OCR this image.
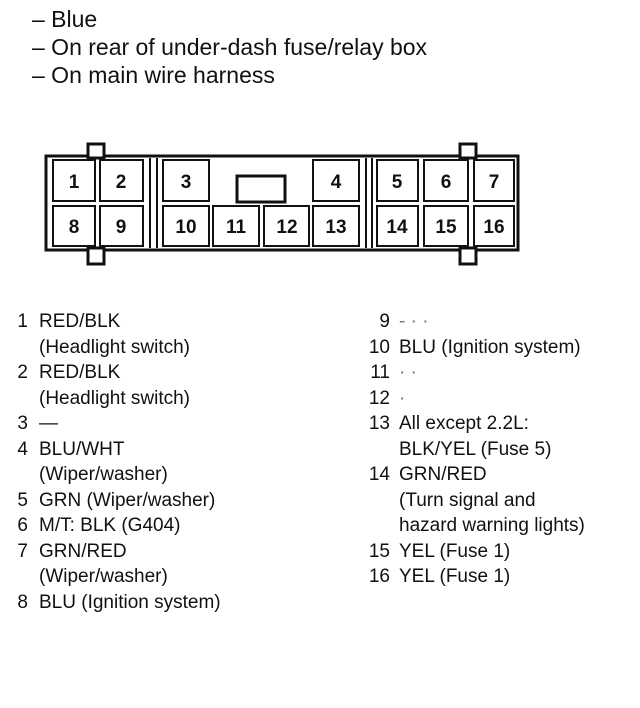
– Blue
– On rear of under-dash fuse/relay box
– On main wire harness
1 2	3	4	5 6 7
8 9	10 11 12 13 14 15 16
1 RED/BLK
(Headlight switch)
2 RED/BLK
(Headlight switch)
3 —
4 BLU/WHT
(Wiper/washer)
5 GRN (Wiper/washer)
6 M/T: BLK (G404)
7 GRN/RED
(Wiper/washer)
8 BLU (Ignition system)
9 - · ·
10 BLU (Ignition system)
11 · ·
12 ·
13 All except 2.2L:
BLK/YEL (Fuse 5)
14 GRN/RED
(Turn signal and
hazard warning lights)
15 YEL (Fuse 1)
16 YEL (Fuse 1)
